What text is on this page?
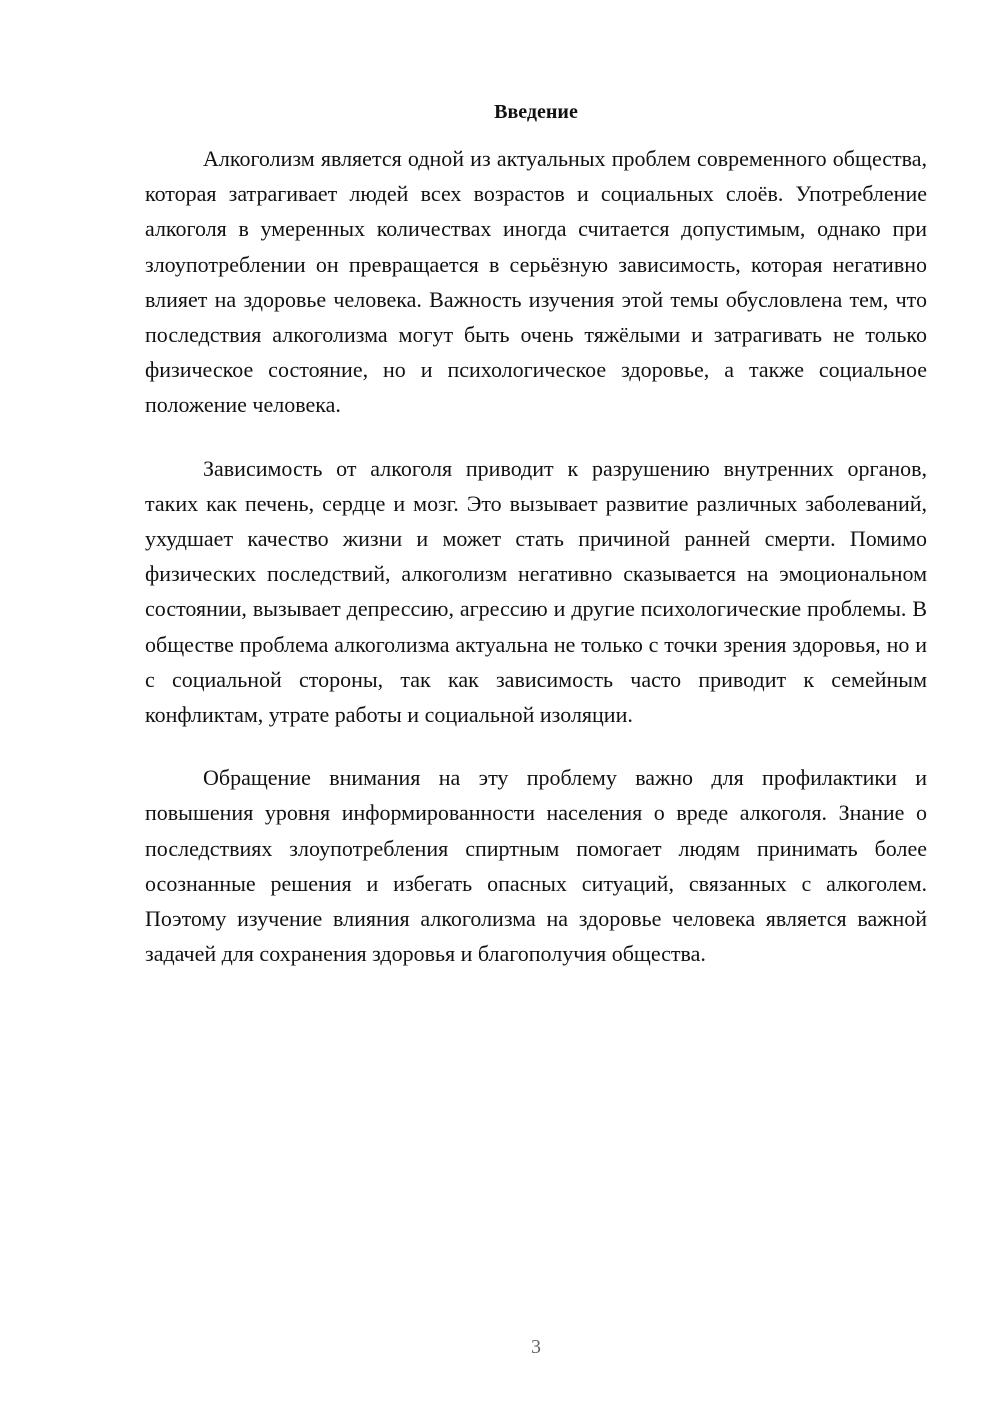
Введение

Алкоголизм является одной из актуальных проблем современного общества, которая затрагивает людей всех возрастов и социальных слоёв. Употребление алкоголя в умеренных количествах иногда считается допустимым, однако при злоупотреблении он превращается в серьёзную зависимость, которая негативно влияет на здоровье человека. Важность изучения этой темы обусловлена тем, что последствия алкоголизма могут быть очень тяжёлыми и затрагивать не только физическое состояние, но и психологическое здоровье, а также социальное положение человека.

Зависимость от алкоголя приводит к разрушению внутренних органов, таких как печень, сердце и мозг. Это вызывает развитие различных заболеваний, ухудшает качество жизни и может стать причиной ранней смерти. Помимо физических последствий, алкоголизм негативно сказывается на эмоциональном состоянии, вызывает депрессию, агрессию и другие психологические проблемы. В обществе проблема алкоголизма актуальна не только с точки зрения здоровья, но и с социальной стороны, так как зависимость часто приводит к семейным конфликтам, утрате работы и социальной изоляции.

Обращение внимания на эту проблему важно для профилактики и повышения уровня информированности населения о вреде алкоголя. Знание о последствиях злоупотребления спиртным помогает людям принимать более осознанные решения и избегать опасных ситуаций, связанных с алкоголем. Поэтому изучение влияния алкоголизма на здоровье человека является важной задачей для сохранения здоровья и благополучия общества.

3
